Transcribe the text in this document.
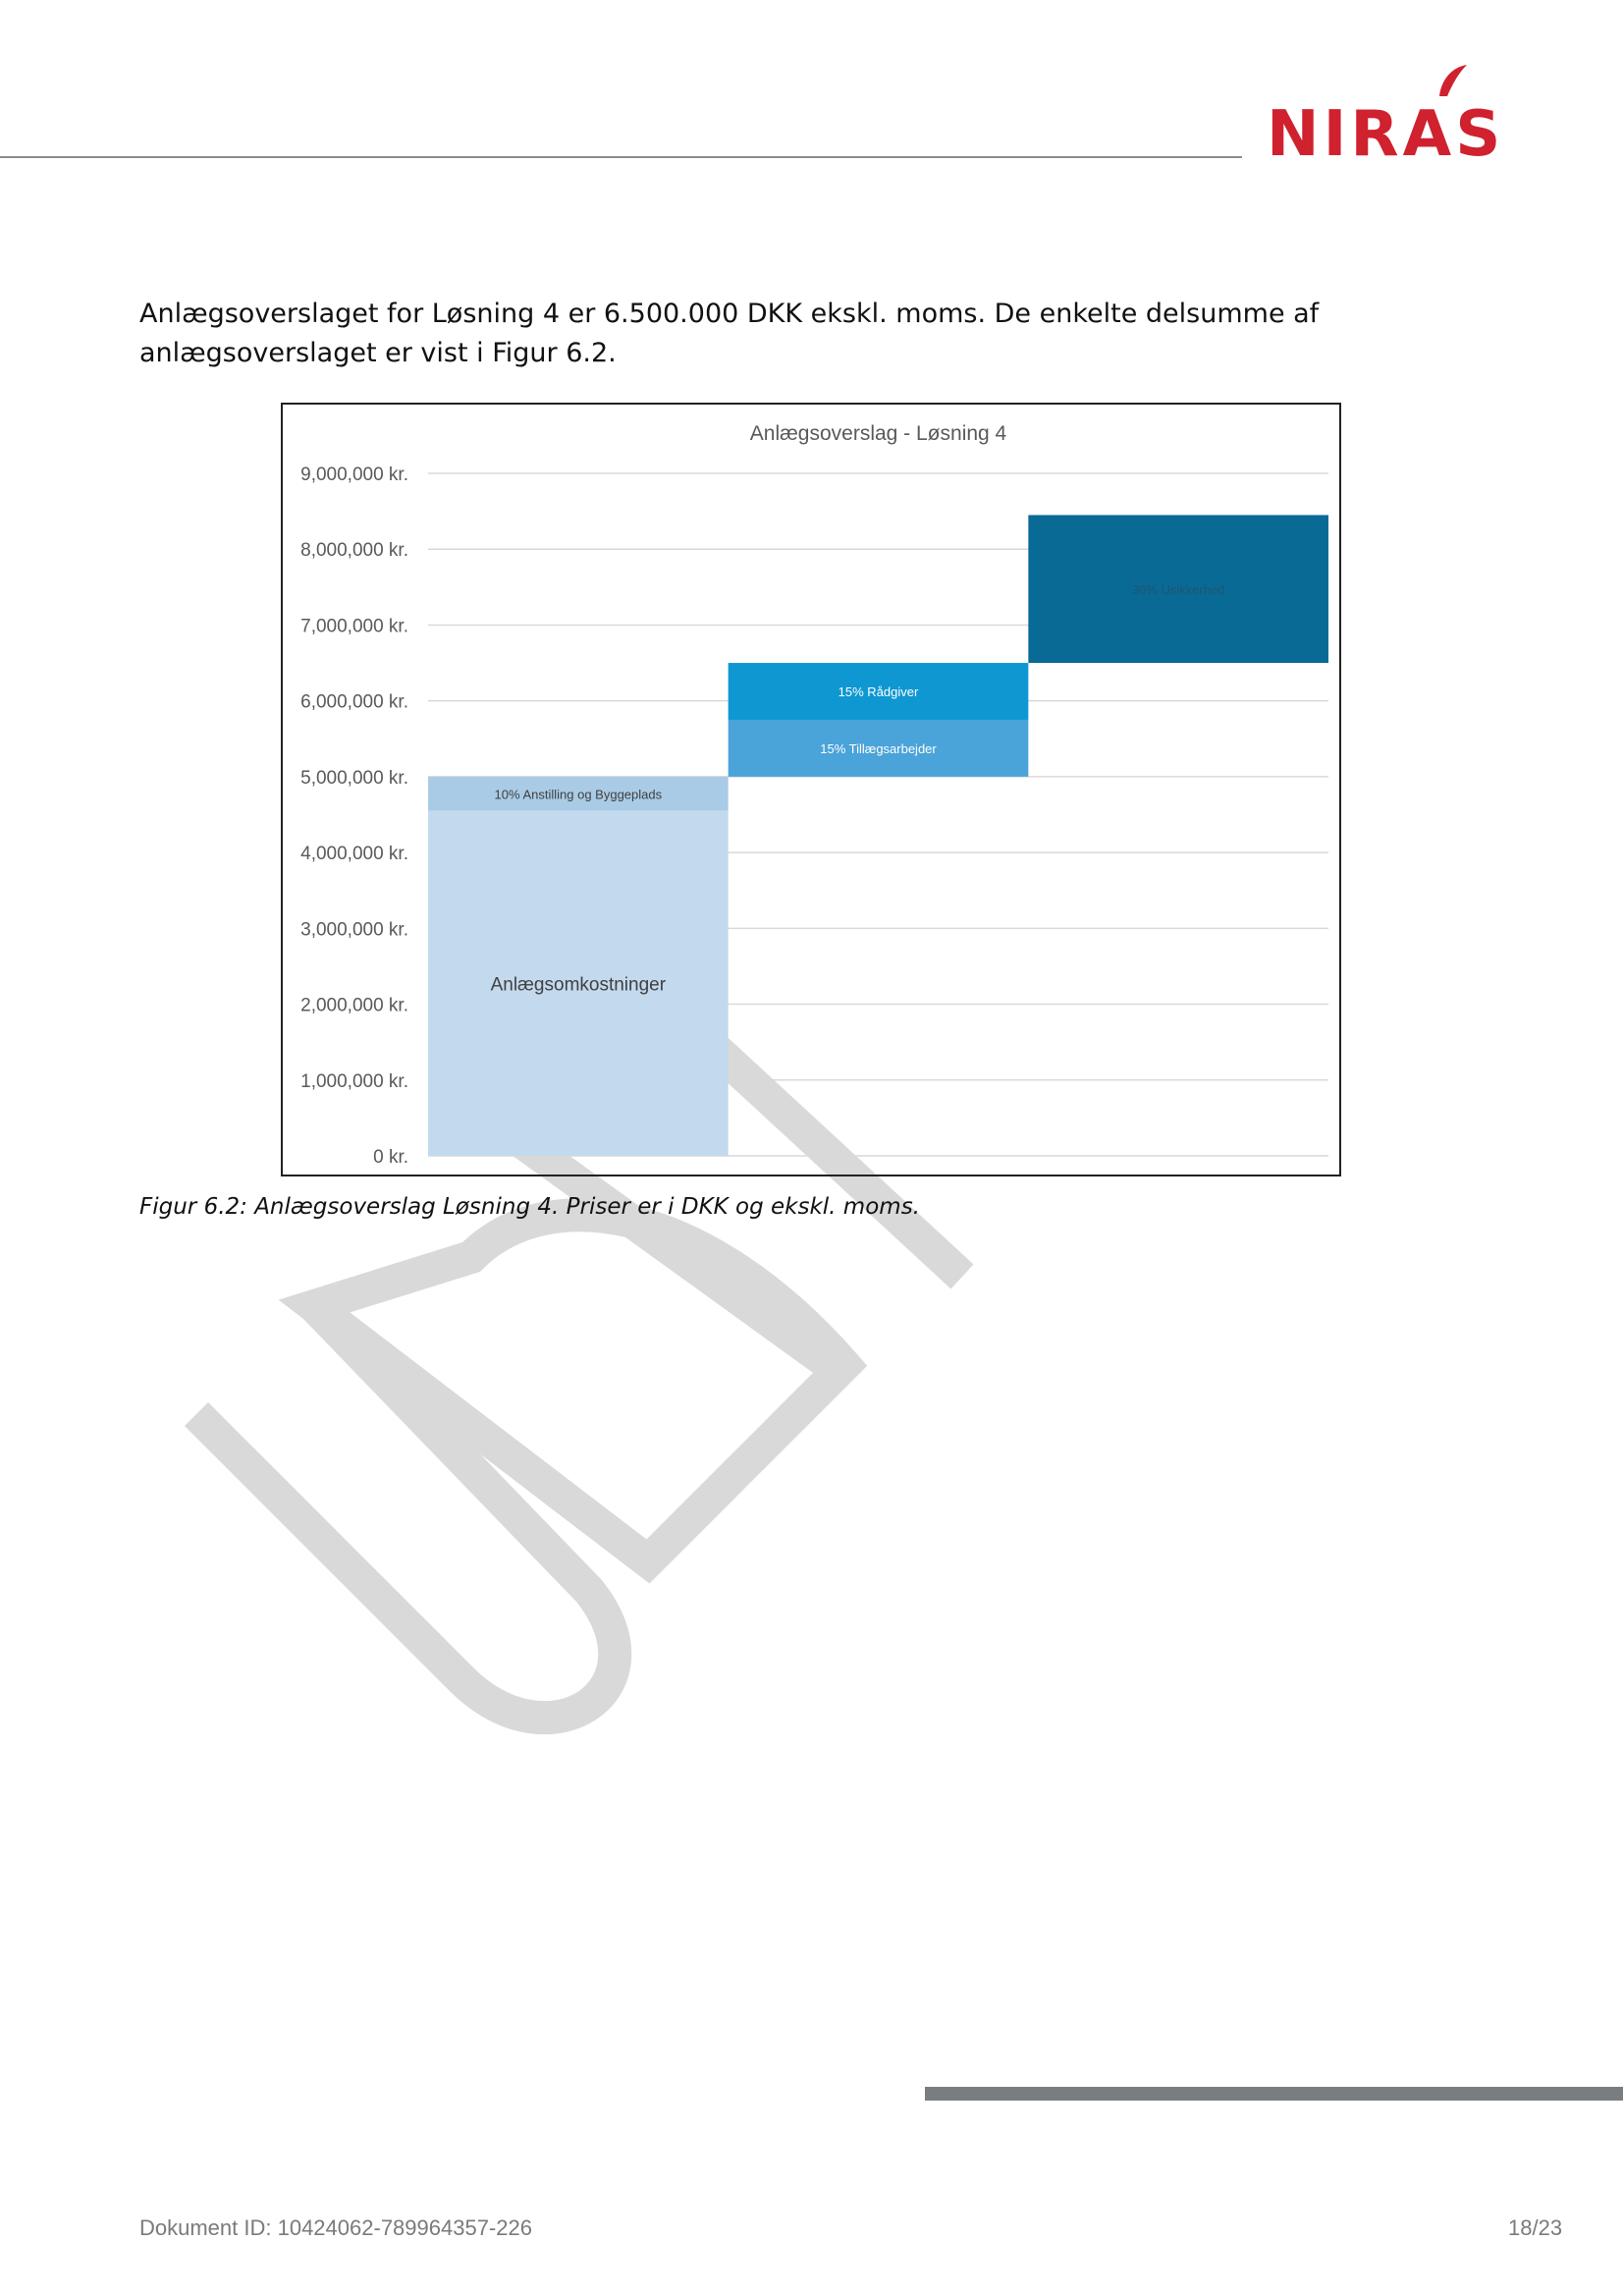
NIRAS
Anlægsoverslaget for Løsning 4 er 6.500.000 DKK ekskl. moms. De enkelte delsumme af anlægsoverslaget er vist i Figur 6.2.
Anlægsoverslag - Løsning 4
0 kr.
1,000,000 kr.
2,000,000 kr.
3,000,000 kr.
4,000,000 kr.
5,000,000 kr.
6,000,000 kr.
7,000,000 kr.
8,000,000 kr.
9,000,000 kr.
Anlægsomkostninger
10% Anstilling og Byggeplads
15% Tillægsarbejder
15% Rådgiver
30% Usikkerhed
Figur 6.2: Anlægsoverslag Løsning 4. Priser er i DKK og ekskl. moms.
Dokument ID: 10424062-789964357-226	18/23
